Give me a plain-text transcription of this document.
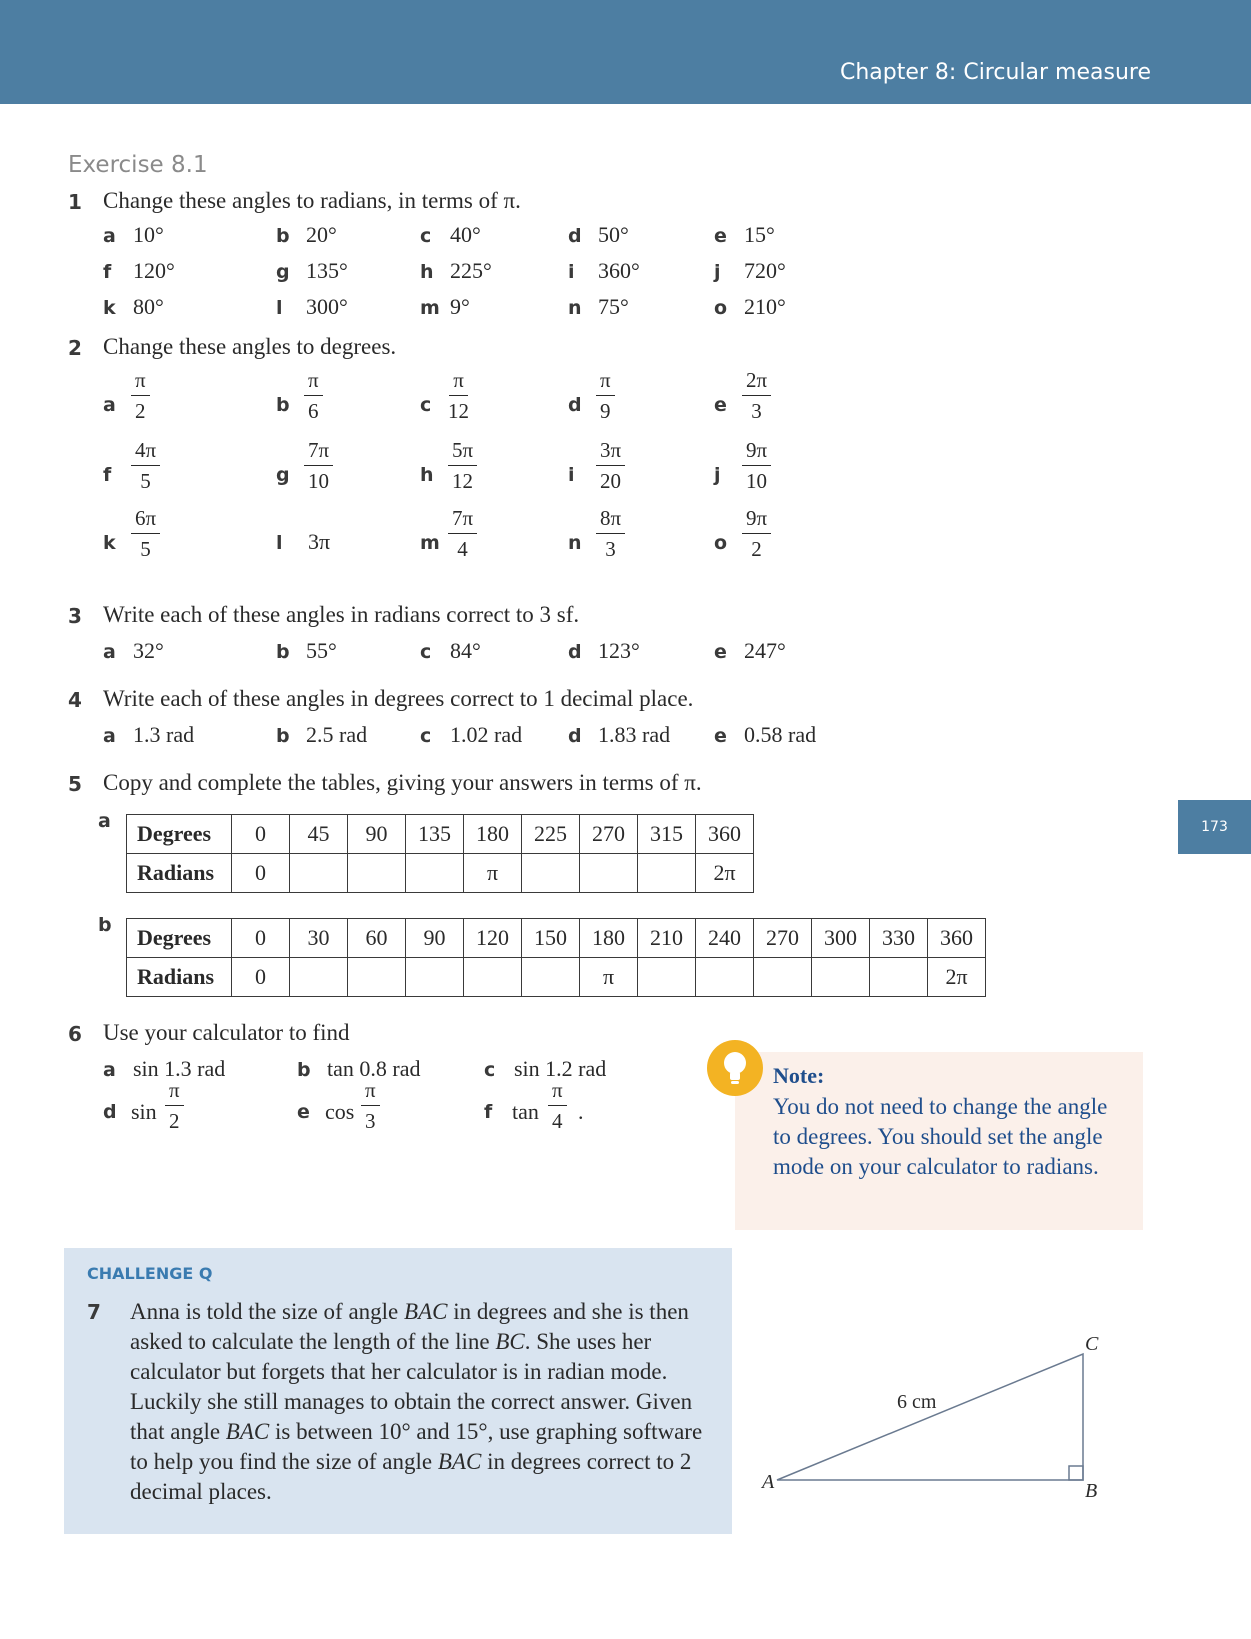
Chapter 8: Circular measure
173
Exercise 8.1
1 Change these angles to radians, in terms of π.
a 10°	b 20°	c 40°	d 50°	e 15°
f 120°	g 135°	h 225°	i 360°	j 720°
k 80°	l 300°	m 9°	n 75°	o 210°
2 Change these angles to degrees.
a $\frac{\pi}{2}$	b $\frac{\pi}{6}$	c $\frac{\pi}{12}$	d $\frac{\pi}{9}$	e $\frac{2\pi}{3}$
f $\frac{4\pi}{5}$	g $\frac{7\pi}{10}$	h $\frac{5\pi}{12}$	i $\frac{3\pi}{20}$	j $\frac{9\pi}{10}$
k $\frac{6\pi}{5}$	l 3π	m $\frac{7\pi}{4}$	n $\frac{8\pi}{3}$	o $\frac{9\pi}{2}$
3 Write each of these angles in radians correct to 3 sf.
a 32°	b 55°	c 84°	d 123°	e 247°
4 Write each of these angles in degrees correct to 1 decimal place.
a 1.3 rad	b 2.5 rad	c 1.02 rad d 1.83 rad e 0.58 rad
5 Copy and complete the tables, giving your answers in terms of π.
a Degrees	0	45	90	135	180	225	270	315	360
Radians	0				π				2π
b Degrees	0	30	60	90	120	150	180	210	240	270	300	330	360
Radians	0						π						2π
6 Use your calculator to find
a sin 1.3 rad	b tan 0.8 rad	c sin 1.2 rad
d $\sin \frac{\pi}{2}$	e $\cos \frac{\pi}{3}$	f $\tan \frac{\pi}{4}$ .
Note:
You do not need to change the angle to degrees. You should set the angle mode on your calculator to radians.
CHALLENGE Q
7 Anna is told the size of angle BAC in degrees and she is then asked to calculate the length of the line BC. She uses her calculator but forgets that her calculator is in radian mode. Luckily she still manages to obtain the correct answer. Given that angle BAC is between 10° and 15°, use graphing software to help you find the size of angle BAC in degrees correct to 2 decimal places.	A	B
C
6 cm
